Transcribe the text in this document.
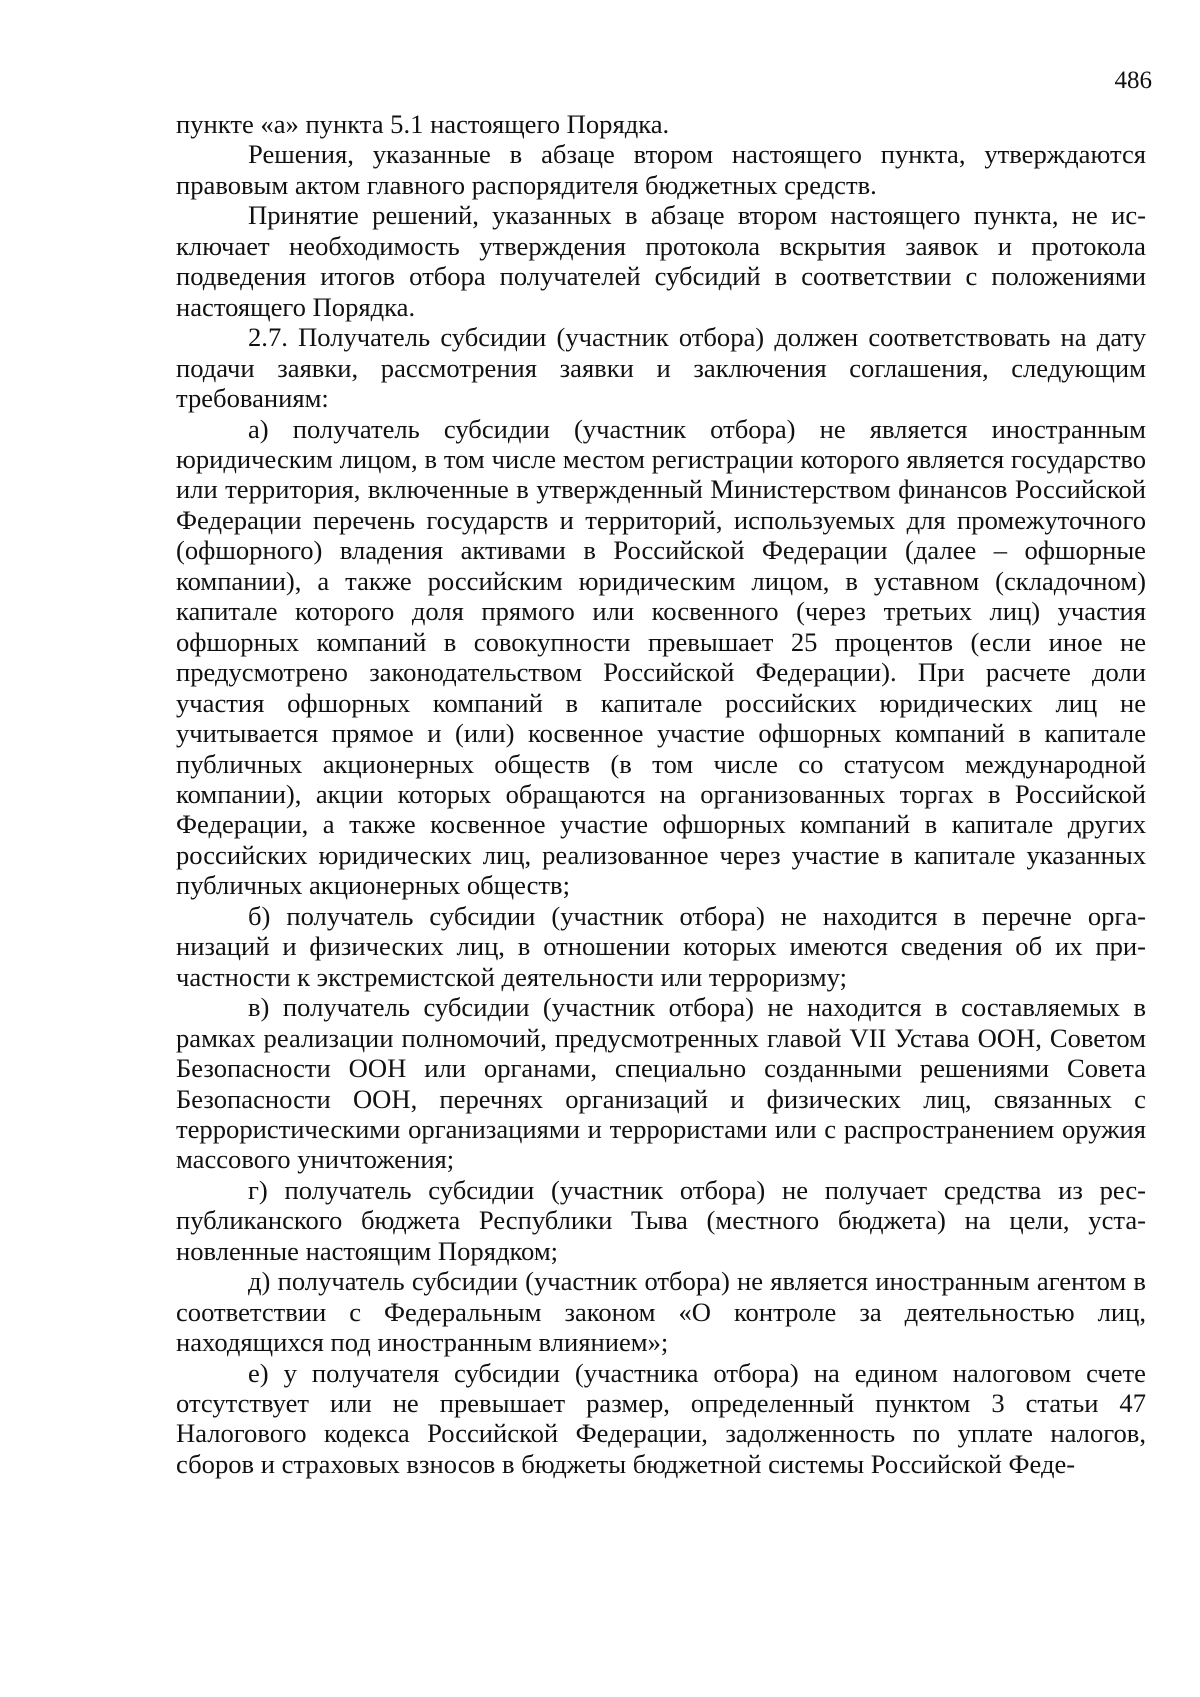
486

пункте «а» пункта 5.1 настоящего Порядка.

Решения, указанные в абзаце втором настоящего пункта, утверждаются правовым актом главного распорядителя бюджетных средств.

Принятие решений, указанных в абзаце втором настоящего пункта, не исключает необходимость утверждения протокола вскрытия заявок и протокола подведения итогов отбора получателей субсидий в соответствии с положениями настоящего Порядка.

2.7. Получатель субсидии (участник отбора) должен соответствовать на дату подачи заявки, рассмотрения заявки и заключения соглашения, следующим требованиям:

а) получатель субсидии (участник отбора) не является иностранным юридическим лицом, в том числе местом регистрации которого является государство или территория, включенные в утвержденный Министерством финансов Российской Федерации перечень государств и территорий, используемых для промежуточного (офшорного) владения активами в Российской Федерации (далее – офшорные компании), а также российским юридическим лицом, в уставном (складочном) капитале которого доля прямого или косвенного (через третьих лиц) участия офшорных компаний в совокупности превышает 25 процентов (если иное не предусмотрено законодательством Российской Федерации). При расчете доли участия офшорных компаний в капитале российских юридических лиц не учитывается прямое и (или) косвенное участие офшорных компаний в капитале публичных акционерных обществ (в том числе со статусом международной компании), акции которых обращаются на организованных торгах в Российской Федерации, а также косвенное участие офшорных компаний в капитале других российских юридических лиц, реализованное через участие в капитале указанных публичных акционерных обществ;

б) получатель субсидии (участник отбора) не находится в перечне организаций и физических лиц, в отношении которых имеются сведения об их причастности к экстремистской деятельности или терроризму;

в) получатель субсидии (участник отбора) не находится в составляемых в рамках реализации полномочий, предусмотренных главой VII Устава ООН, Советом Безопасности ООН или органами, специально созданными решениями Совета Безопасности ООН, перечнях организаций и физических лиц, связанных с террористическими организациями и террористами или с распространением оружия массового уничтожения;

г) получатель субсидии (участник отбора) не получает средства из республиканского бюджета Республики Тыва (местного бюджета) на цели, установленные настоящим Порядком;

д) получатель субсидии (участник отбора) не является иностранным агентом в соответствии с Федеральным законом «О контроле за деятельностью лиц, находящихся под иностранным влиянием»;

е) у получателя субсидии (участника отбора) на едином налоговом счете отсутствует или не превышает размер, определенный пунктом 3 статьи 47 Налогового кодекса Российской Федерации, задолженность по уплате налогов, сборов и страховых взносов в бюджеты бюджетной системы Российской Феде-
